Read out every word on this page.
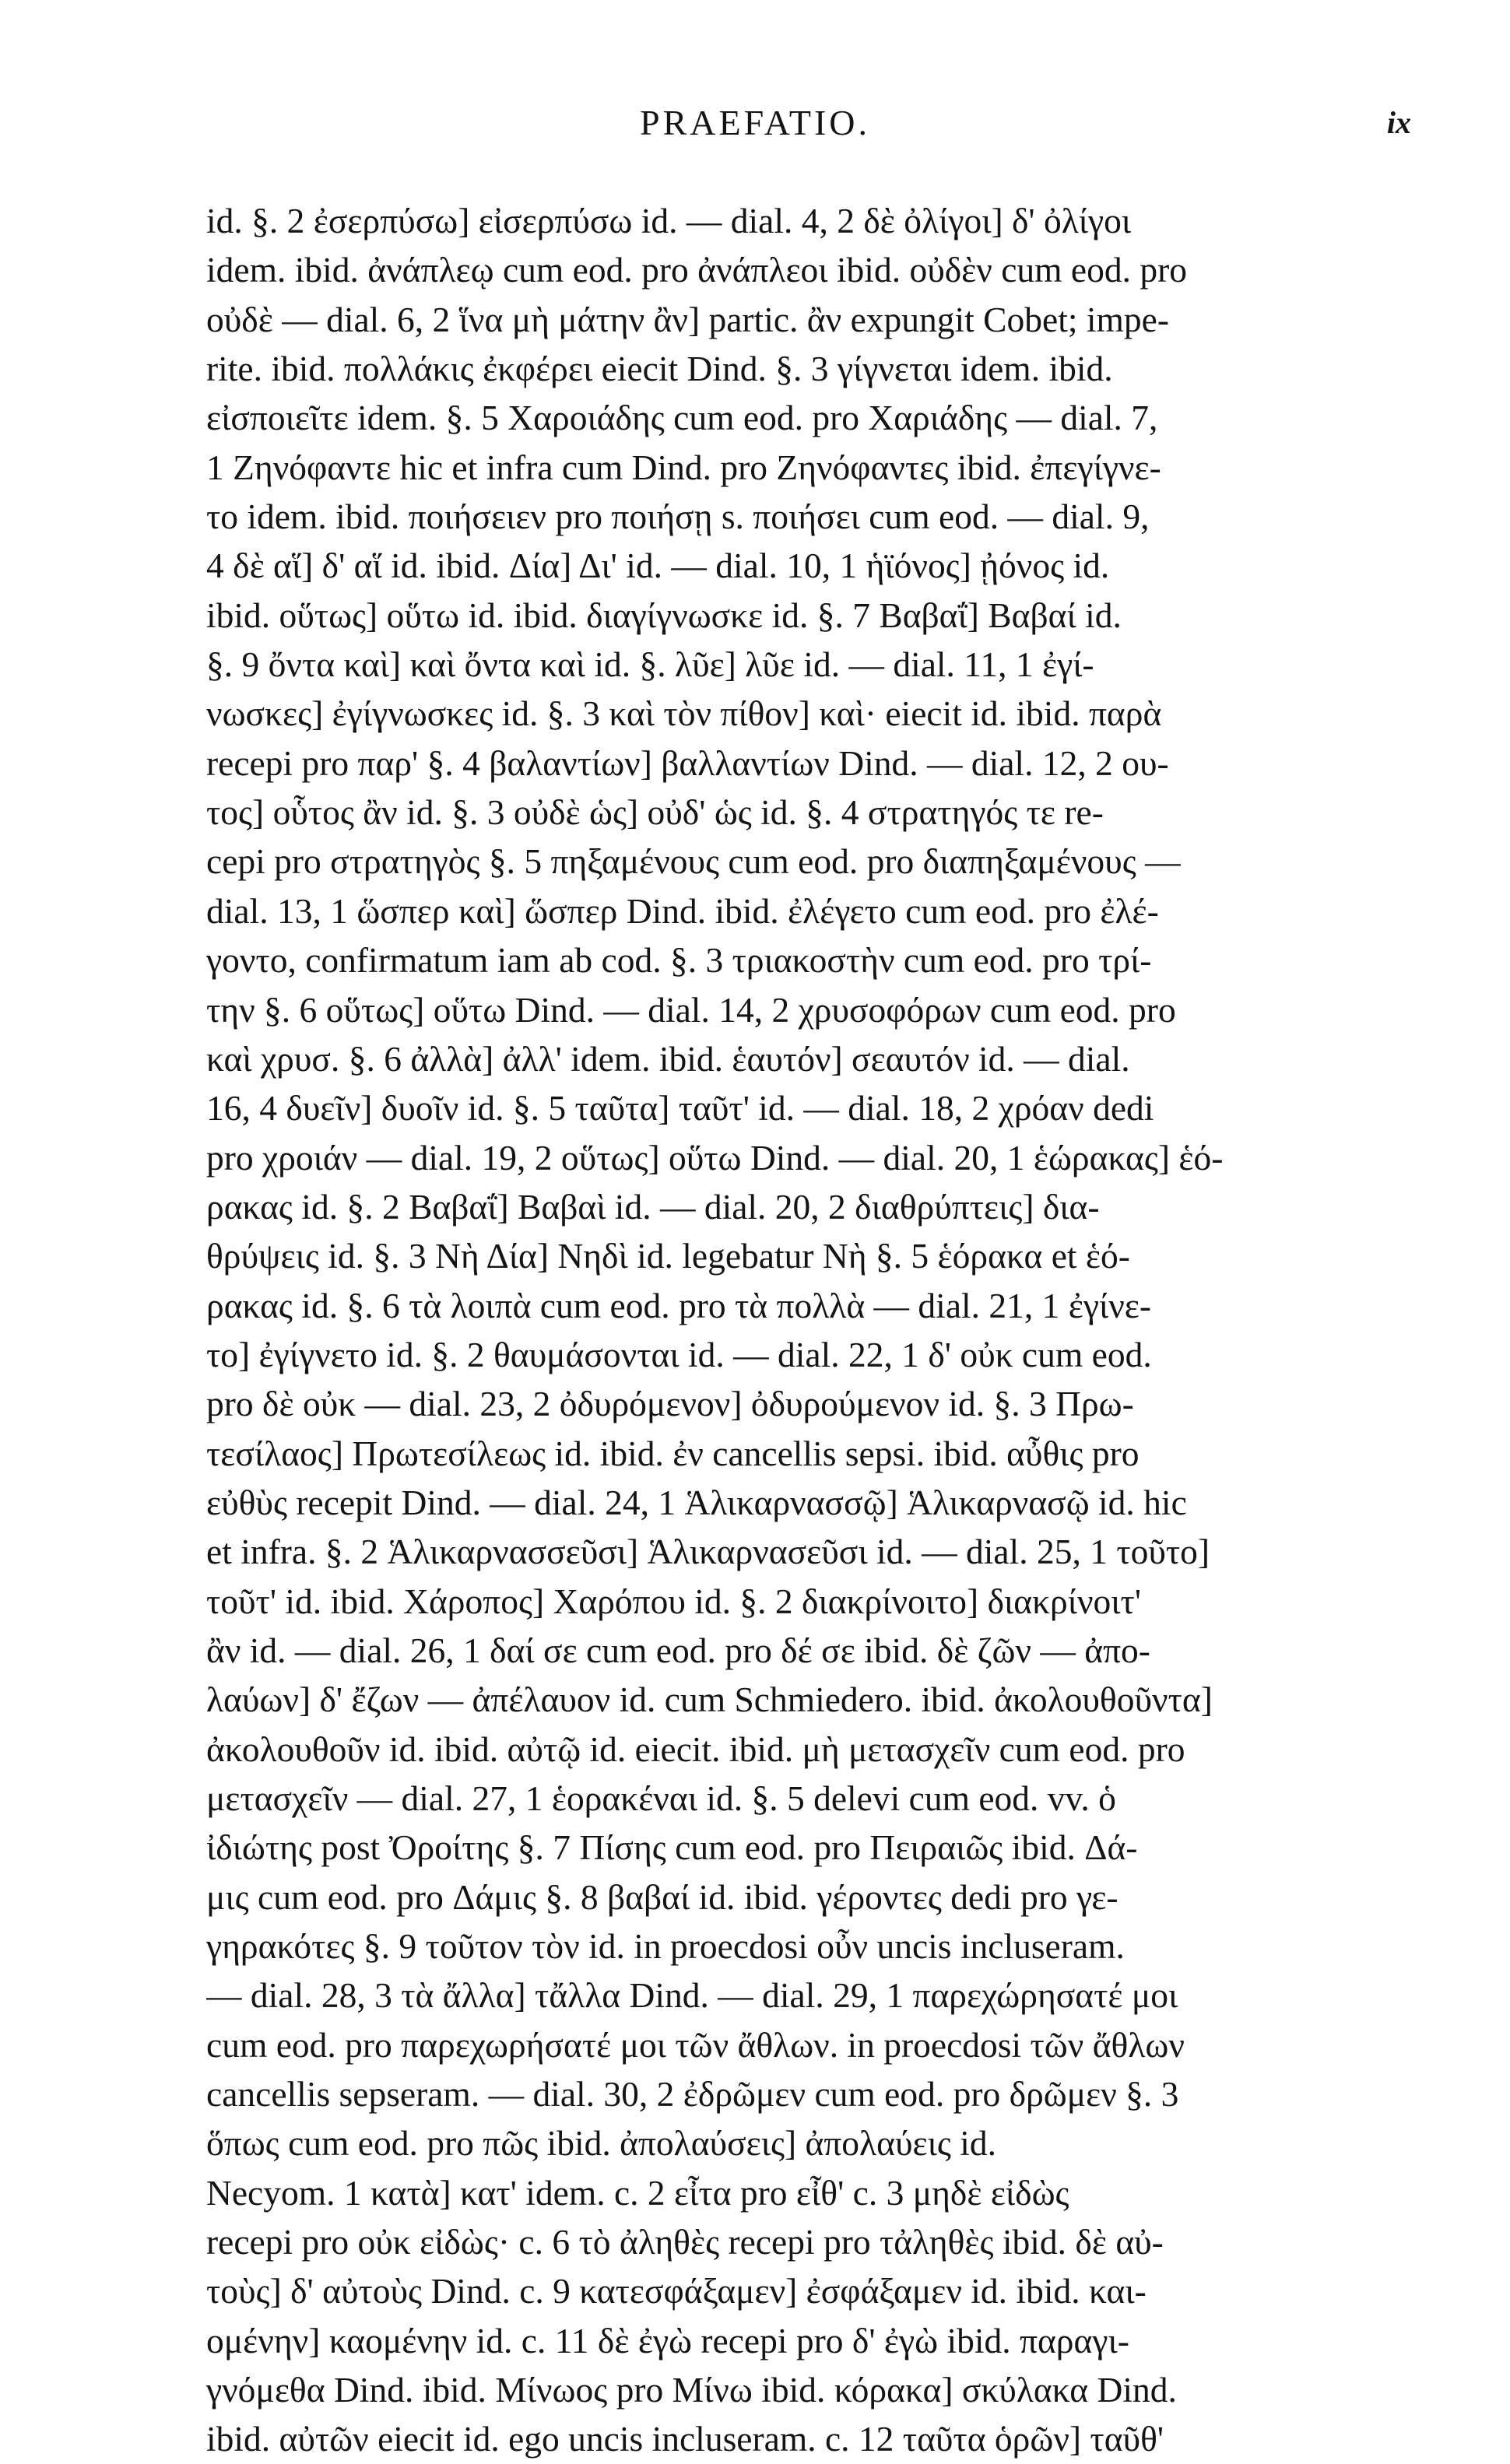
PRAEFATIO.	ix
id. §. 2 ἐσερπύσω] εἰσερπύσω id. — dial. 4, 2 δὲ ὀλίγοι] δ' ὀλίγοι
idem. ibid. ἀνάπλεῳ cum eod. pro ἀνάπλεοι ibid. οὐδὲν cum eod. pro
οὐδὲ — dial. 6, 2 ἵνα μὴ μάτην ἂν] partic. ἂν expungit Cobet; impe-
rite. ibid. πολλάκις ἐκφέρει eiecit Dind. §. 3 γίγνεται idem. ibid.
εἰσποιεῖτε idem. §. 5 Χαροιάδης cum eod. pro Χαριάδης — dial. 7,
1 Ζηνόφαντε hic et infra cum Dind. pro Ζηνόφαντες ibid. ἐπεγίγνε-
το idem. ibid. ποιήσειεν pro ποιήσῃ s. ποιήσει cum eod. — dial. 9,
4 δὲ αἵ] δ' αἵ id. ibid. Δία] Δι' id. — dial. 10, 1 ἡϊόνος] ᾐόνος id.
ibid. οὕτως] οὕτω id. ibid. διαγίγνωσκε id. §. 7 Βαβαΐ] Βαβαί id.
§. 9 ὄντα καὶ] καὶ ὄντα καὶ id. §. λῦε] λῦε id. — dial. 11, 1 ἐγί-
νωσκες] ἐγίγνωσκες id. §. 3 καὶ τὸν πίθον] καὶ· eiecit id. ibid. παρὰ
recepi pro παρ' §. 4 βαλαντίων] βαλλαντίων Dind. — dial. 12, 2 ου-
τος] οὗτος ἂν id. §. 3 οὐδὲ ὡς] οὐδ' ὡς id. §. 4 στρατηγός τε re-
cepi pro στρατηγὸς §. 5 πηξαμένους cum eod. pro διαπηξαμένους —
dial. 13, 1 ὥσπερ καὶ] ὥσπερ Dind. ibid. ἐλέγετο cum eod. pro ἐλέ-
γοντο, confirmatum iam ab cod. §. 3 τριακοστὴν cum eod. pro τρί-
την §. 6 οὕτως] οὕτω Dind. — dial. 14, 2 χρυσοφόρων cum eod. pro
καὶ χρυσ. §. 6 ἀλλὰ] ἀλλ' idem. ibid. ἑαυτόν] σεαυτόν id. — dial.
16, 4 δυεῖν] δυοῖν id. §. 5 ταῦτα] ταῦτ' id. — dial. 18, 2 χρόαν dedi
pro χροιάν — dial. 19, 2 οὕτως] οὕτω Dind. — dial. 20, 1 ἑώρακας] ἑό-
ρακας id. §. 2 Βαβαΐ] Βαβαὶ id. — dial. 20, 2 διαθρύπτεις] δια-
θρύψεις id. §. 3 Νὴ Δία] Νηδὶ id. legebatur Νὴ §. 5 ἑόρακα et ἑό-
ρακας id. §. 6 τὰ λοιπὰ cum eod. pro τὰ πολλὰ — dial. 21, 1 ἐγίνε-
το] ἐγίγνετο id. §. 2 θαυμάσονται id. — dial. 22, 1 δ' οὐκ cum eod.
pro δὲ οὐκ — dial. 23, 2 ὀδυρόμενον] ὀδυρούμενον id. §. 3 Πρω-
τεσίλαος] Πρωτεσίλεως id. ibid. ἐν cancellis sepsi. ibid. αὖθις pro
εὐθὺς recepit Dind. — dial. 24, 1 Ἁλικαρνασσῷ] Ἁλικαρνασῷ id. hic
et infra. §. 2 Ἁλικαρνασσεῦσι] Ἁλικαρνασεῦσι id. — dial. 25, 1 τοῦτο]
τοῦτ' id. ibid. Χάροπος] Χαρόπου id. §. 2 διακρίνοιτο] διακρίνοιτ'
ἂν id. — dial. 26, 1 δαί σε cum eod. pro δέ σε ibid. δὲ ζῶν — ἀπο-
λαύων] δ' ἔζων — ἀπέλαυον id. cum Schmiedero. ibid. ἀκολουθοῦντα]
ἀκολουθοῦν id. ibid. αὐτῷ id. eiecit. ibid. μὴ μετασχεῖν cum eod. pro
μετασχεῖν — dial. 27, 1 ἑορακέναι id. §. 5 delevi cum eod. vv. ὁ
ἰδιώτης post Ὀροίτης §. 7 Πίσης cum eod. pro Πειραιῶς ibid. Δά-
μις cum eod. pro Δάμις §. 8 βαβαί id. ibid. γέροντες dedi pro γε-
γηρακότες §. 9 τοῦτον τὸν id. in proecdosi οὖν uncis incluseram.
— dial. 28, 3 τὰ ἄλλα] τἄλλα Dind. — dial. 29, 1 παρεχώρησατέ μοι
cum eod. pro παρεχωρήσατέ μοι τῶν ἄθλων. in proecdosi τῶν ἄθλων
cancellis sepseram. — dial. 30, 2 ἐδρῶμεν cum eod. pro δρῶμεν §. 3
ὅπως cum eod. pro πῶς ibid. ἀπολαύσεις] ἀπολαύεις id.
Necyom. 1 κατὰ] κατ' idem. c. 2 εἶτα pro εἶθ' c. 3 μηδὲ εἰδὼς
recepi pro οὐκ εἰδὼς· c. 6 τὸ ἀληθὲς recepi pro τἀληθὲς ibid. δὲ αὐ-
τοὺς] δ' αὐτοὺς Dind. c. 9 κατεσφάξαμεν] ἐσφάξαμεν id. ibid. και-
ομένην] καομένην id. c. 11 δὲ ἐγὼ recepi pro δ' ἐγὼ ibid. παραγι-
γνόμεθα Dind. ibid. Μίνωος pro Μίνω ibid. κόρακα] σκύλακα Dind.
ibid. αὐτῶν eiecit id. ego uncis incluseram. c. 12 ταῦτα ὁρῶν] ταῦθ'
